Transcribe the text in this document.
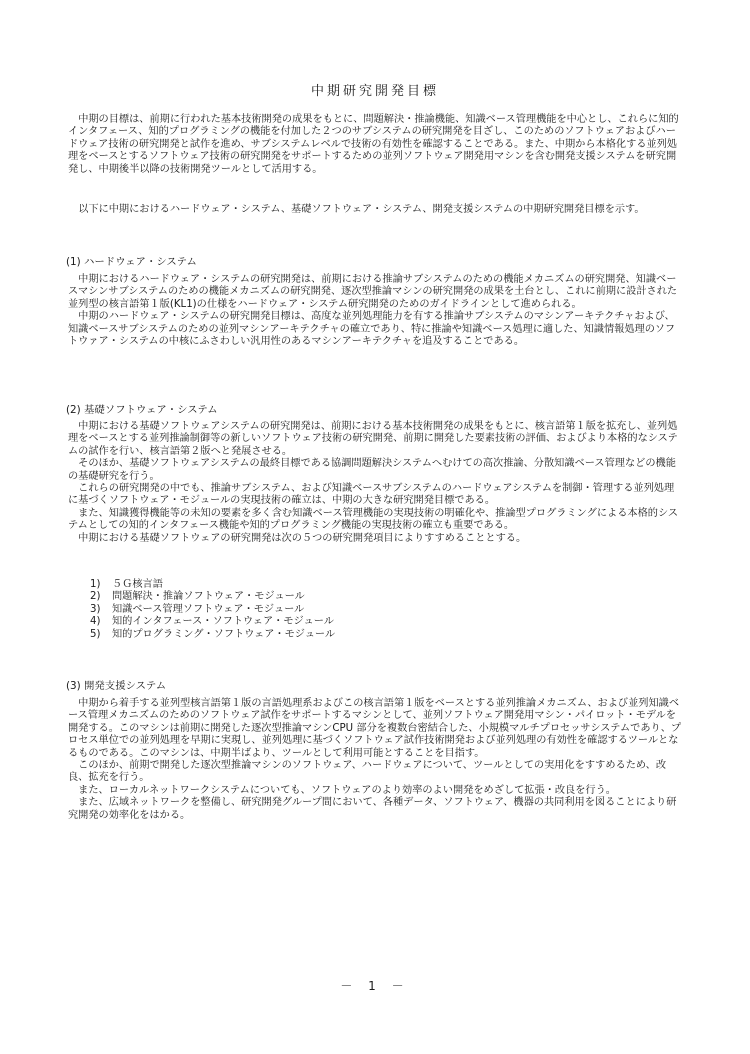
中期研究開発目標

中期の目標は、前期に行われた基本技術開発の成果をもとに、問題解決・推論機能、知識ベース管理機能を中心とし、これらに知的インタフェース、知的プログラミングの機能を付加した２つのサブシステムの研究開発を目ざし、このためのソフトウェアおよびハードウェア技術の研究開発と試作を進め、サブシステムレベルで技術の有効性を確認することである。また、中期から本格化する並列処理をベースとするソフトウェア技術の研究開発をサポートするための並列ソフトウェア開発用マシンを含む開発支援システムを研究開発し、中期後半以降の技術開発ツールとして活用する。

以下に中期におけるハードウェア・システム、基礎ソフトウェア・システム、開発支援システムの中期研究開発目標を示す。

(1) ハードウェア・システム

　中期におけるハードウェア・システムの研究開発は、前期における推論サブシステムのための機能メカニズムの研究開発、知識ベースマシンサブシステムのための機能メカニズムの研究開発、逐次型推論マシンの研究開発の成果を土台とし、これに前期に設計された並列型の核言語第１版(KL1)の仕様をハードウェア・システム研究開発のためのガイドラインとして進められる。
　中期のハードウェア・システムの研究開発目標は、高度な並列処理能力を有する推論サブシステムのマシンアーキテクチャおよび、知識ベースサブシステムのための並列マシンアーキテクチャの確立であり、特に推論や知識ベース処理に適した、知識情報処理のソフトウァア・システムの中核にふさわしい汎用性のあるマシンアーキテクチャを追及することである。

(2) 基礎ソフトウェア・システム

　中期における基礎ソフトウェアシステムの研究開発は、前期における基本技術開発の成果をもとに、核言語第１版を拡充し、並列処理をベースとする並列推論制御等の新しいソフトウェア技術の研究開発、前期に開発した要素技術の評価、およびより本格的なシステムの試作を行い、核言語第２版へと発展させる。
　そのほか、基礎ソフトウェアシステムの最終目標である協調問題解決システムへむけての高次推論、分散知識ベース管理などの機能の基礎研究を行う。
　これらの研究開発の中でも、推論サブシステム、および知識ベースサブシステムのハードウェアシステムを制御・管理する並列処理に基づくソフトウェア・モジュールの実現技術の確立は、中期の大きな研究開発目標である。
　また、知識獲得機能等の未知の要素を多く含む知識ベース管理機能の実現技術の明確化や、推論型プログラミングによる本格的システムとしての知的インタフェース機能や知的プログラミング機能の実現技術の確立も重要である。
　中期における基礎ソフトウェアの研究開発は次の５つの研究開発項目によりすすめることとする。

1) ５Ｇ核言語
2) 問題解決・推論ソフトウェア・モジュール
3) 知識ベース管理ソフトウェア・モジュール
4) 知的インタフェース・ソフトウェア・モジュール
5) 知的プログラミング・ソフトウェア・モジュール
(3) 開発支援システム

　中期から着手する並列型核言語第１版の言語処理系およびこの核言語第１版をベースとする並列推論メカニズム、および並列知識ベース管理メカニズムのためのソフトウェア試作をサポートするマシンとして、並列ソフトウェア開発用マシン・パイロット・モデルを開発する。このマシンは前期に開発した逐次型推論マシンCPU 部分を複数台密結合した、小規模マルチプロセッサシステムであり、プロセス単位での並列処理を早期に実現し、並列処理に基づくソフトウェア試作技術開発および並列処理の有効性を確認するツールとなるものである。このマシンは、中期半ばより、ツールとして利用可能とすることを目指す。
　このほか、前期で開発した逐次型推論マシンのソフトウェア、ハードウェアについて、ツールとしての実用化をすすめるため、改良、拡充を行う。
　また、ローカルネットワークシステムについても、ソフトウェアのより効率のよい開発をめざして拡張・改良を行う。
　また、広域ネットワークを整備し、研究開発グループ間において、各種データ、ソフトウェア、機器の共同利用を図ることにより研究開発の効率化をはかる。

－ 1 －
